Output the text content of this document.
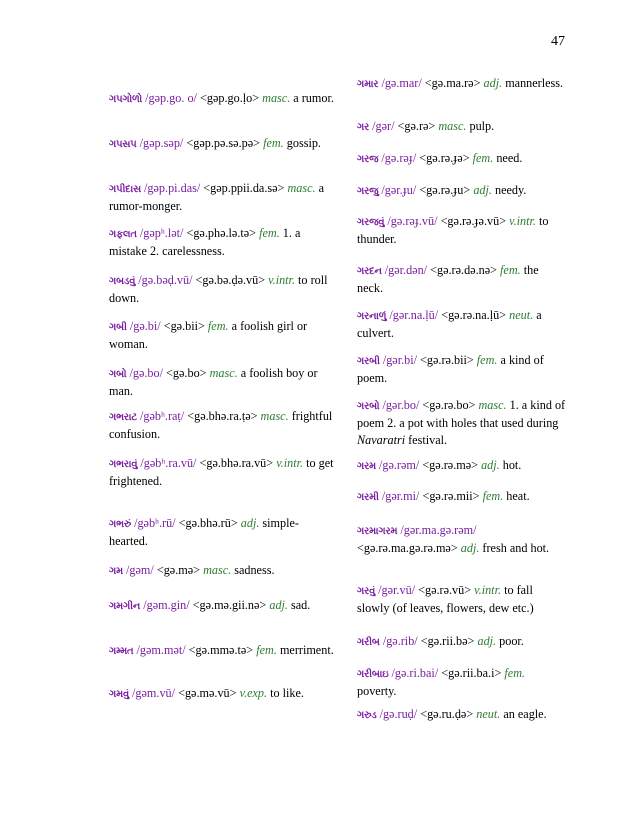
47
ગપગોળો /gəp.go. o/ <gəp.go.ḷo> masc. a rumor.
ગપસપ /gəp.səp/ <gəp.pə.sə.pə> fem. gossip.
ગપીદાસ /gəp.pi.das/ <gəp.ppii.da.sə> masc. a rumor-monger.
ગફલત /gəpʰ.lət/ <gə.phə.lə.tə> fem. 1. a mistake 2. carelessness.
ગબડવું /gə.bəḍ.vū/ <gə.bə.ḍə.vū> v.intr. to roll down.
ગબી /gə.bi/ <gə.bii> fem. a foolish girl or woman.
ગબો /gə.bo/ <gə.bo> masc. a foolish boy or man.
ગભરાટ /gəbʰ.raṭ/ <gə.bhə.ra.ṭə> masc. frightful confusion.
ગભરાવું /gəbʰ.ra.vū/ <gə.bhə.ra.vū> v.intr. to get frightened.
ગભરું /gəbʰ.rū/ <gə.bhə.rū> adj. simple-hearted.
ગમ /gəm/ <gə.mə> masc. sadness.
ગમગીન /gəm.gin/ <gə.mə.gii.nə> adj. sad.
ગમ્મત /gəm.mət/ <gə.mmə.tə> fem. merriment.
ગમવું /gəm.vū/ <gə.mə.vū> v.exp. to like.
ગમાર /gə.mar/ <gə.ma.rə> adj. mannerless.
ગર /gər/ <gə.rə> masc. pulp.
ગરજ /gə.rəɟ/ <gə.rə.ɟə> fem. need.
ગરજુ /gər.ɟu/ <gə.rə.ɟu> adj. needy.
ગરજવું /gə.rəɟ.vū/ <gə.rə.ɟə.vū> v.intr. to thunder.
ગરદન /gər.dən/ <gə.rə.də.nə> fem. the neck.
ગરનાળું /gər.na.ḷū/ <gə.rə.na.ḷū> neut. a culvert.
ગરબી /gər.bi/ <gə.rə.bii> fem. a kind of poem.
ગરબો /gər.bo/ <gə.rə.bo> masc. 1. a kind of poem 2. a pot with holes that used during Navaratri festival.
ગરમ /gə.rəm/ <gə.rə.mə> adj. hot.
ગરમી /gər.mi/ <gə.rə.mii> fem. heat.
ગરમાગરમ /gər.ma.gə.rəm/ <gə.rə.ma.gə.rə.mə> adj. fresh and hot.
ગરવું /gər.vū/ <gə.rə.vū> v.intr. to fall slowly (of leaves, flowers, dew etc.)
ગરીબ /gə.rib/ <gə.rii.bə> adj. poor.
ગરીબાઇ /gə.ri.bai/ <gə.rii.ba.i> fem. poverty.
ગરુડ /gə.ruḍ/ <gə.ru.ḍə> neut. an eagle.
